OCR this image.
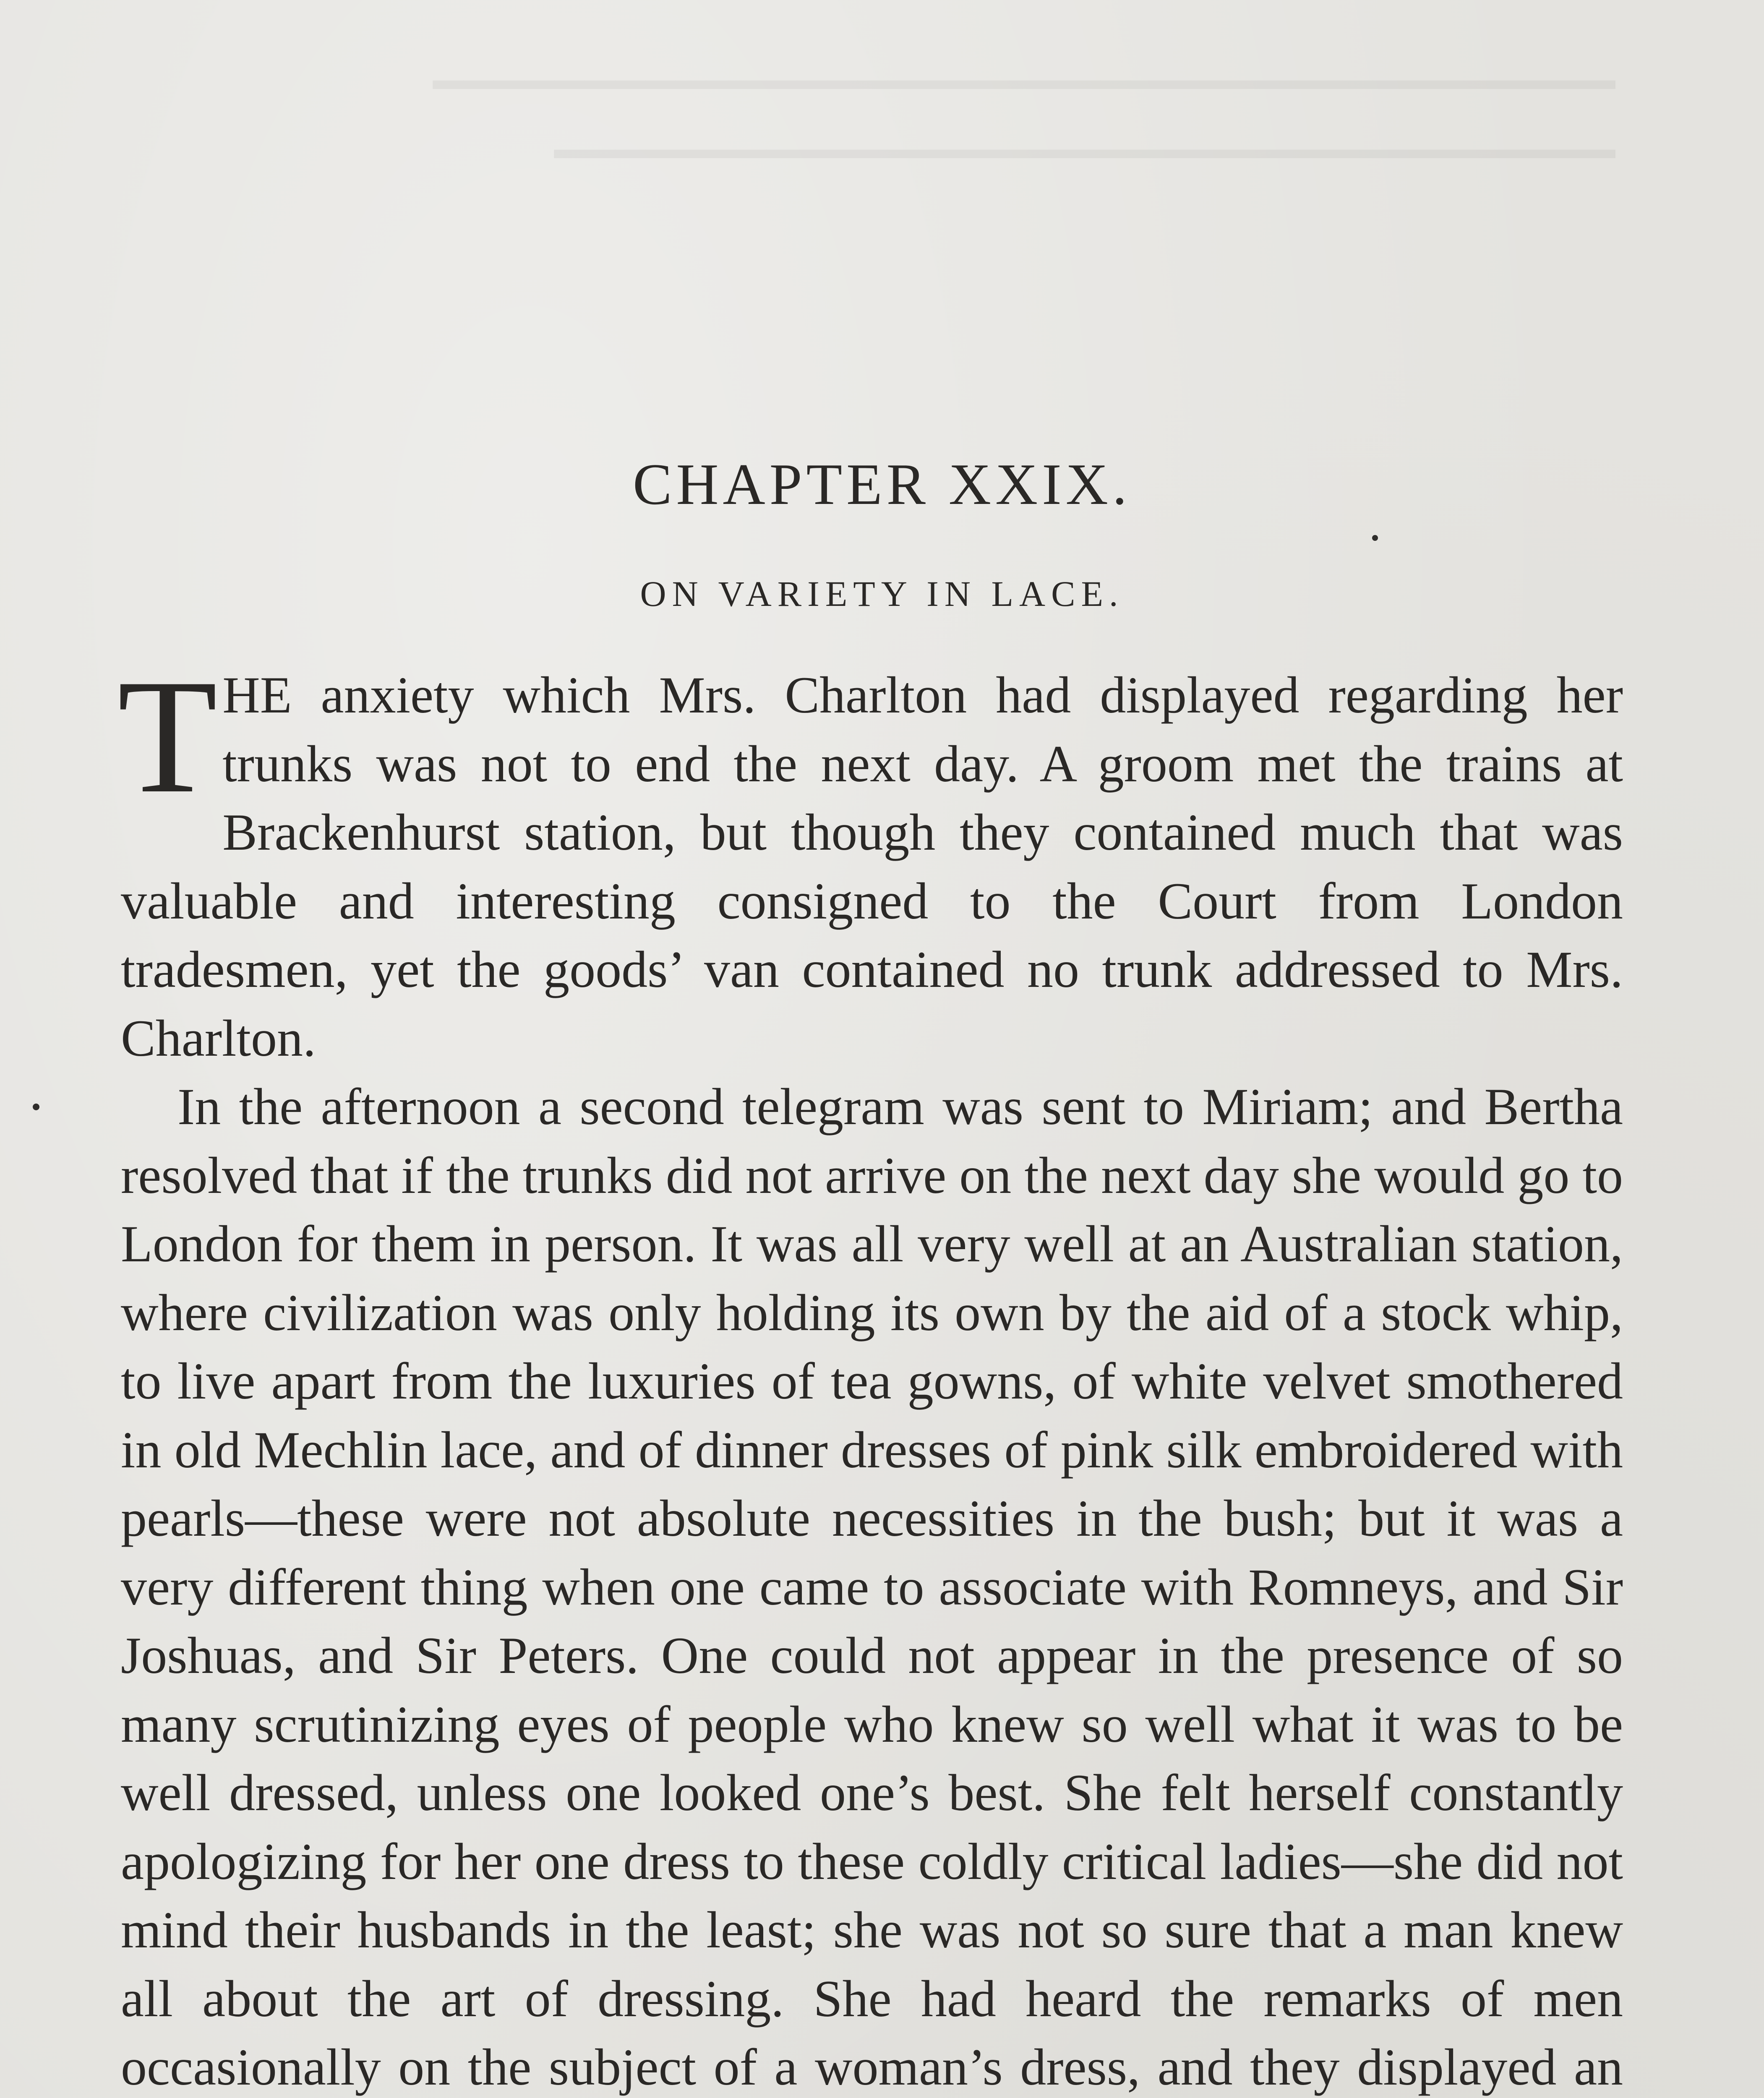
━━━━━━━━━━━━━━━━━━━━━━━━━━━━━━━━━━━━━━━
━━━━━━━━━━━━━━━━━━━━━━━━━━━━━━━━━━━
CHAPTER XXIX.
ON VARIETY IN LACE.

THE anxiety which Mrs. Charlton had displayed regarding her trunks was not to end the next day. A groom met the trains at Brackenhurst station, but though they contained much that was valuable and interesting consigned to the Court from London tradesmen, yet the goods’ van contained no trunk addressed to Mrs. Charlton.

In the afternoon a second telegram was sent to Miriam; and Bertha resolved that if the trunks did not arrive on the next day she would go to London for them in person. It was all very well at an Australian station, where civilization was only holding its own by the aid of a stock whip, to live apart from the luxuries of tea gowns, of white velvet smothered in old Mechlin lace, and of dinner dresses of pink silk embroidered with pearls—these were not absolute necessities in the bush; but it was a very different thing when one came to associate with Romneys, and Sir Joshuas, and Sir Peters. One could not appear in the presence of so many scrutinizing eyes of people who knew so well what it was to be well dressed, unless one looked one’s best. She felt herself constantly apologizing for her one dress to these coldly critical ladies—she did not mind their husbands in the least; she was not so sure that a man knew all about the art of dressing. She had heard the remarks of men occasionally on the subject of a woman’s dress, and they displayed an
